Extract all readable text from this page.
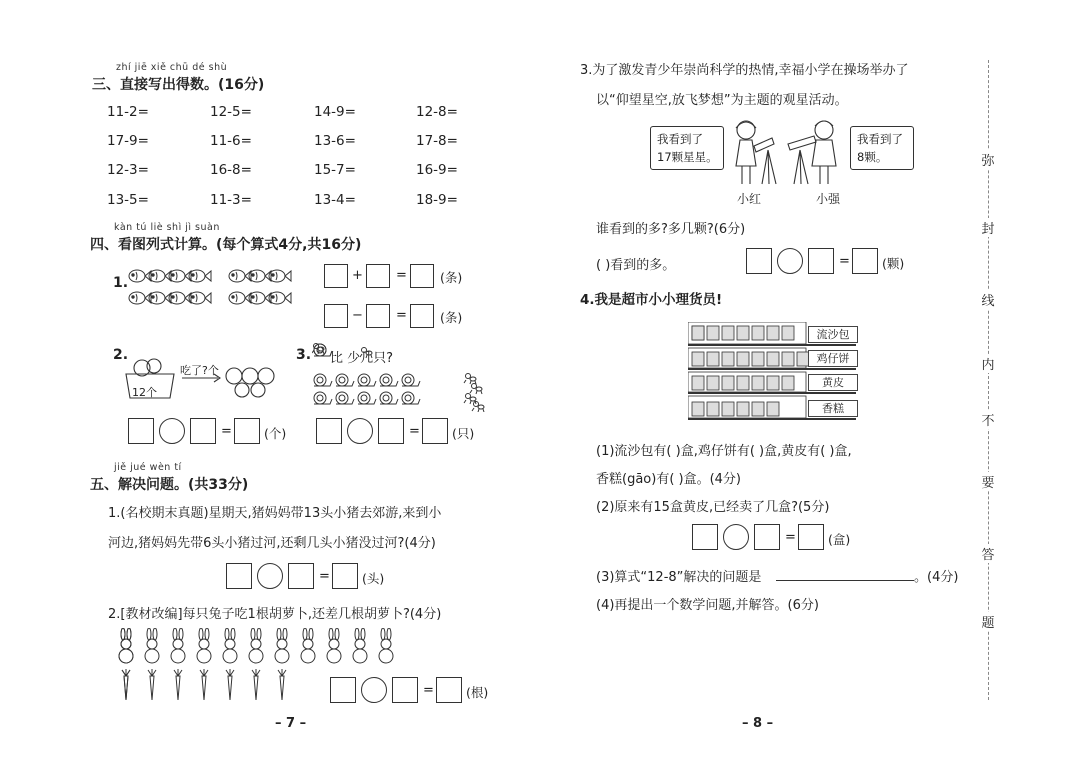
zhí jiē xiě chū dé shù
三、直接写出得数。(16分)
11-2=	12-5=	14-9=	12-8=
17-9=	11-6=	13-6=	17-8=
12-3=	16-8=	15-7=	16-9=
13-5=	11-3=	13-4=	18-9=
kàn tú liè shì jì suàn
四、看图列式计算。(每个算式4分,共16分)
1.	+	=	(条)
−	=	(条)
2.
12个
吃了?个
=	(个)
3. 比 少几只?
=	(只)
jiě jué wèn tí
五、解决问题。(共33分)
1.(名校期末真题)星期天,猪妈妈带13头小猪去郊游,来到小
河边,猪妈妈先带6头小猪过河,还剩几头小猪没过河?(4分)
=	(头)
2.[教材改编]每只兔子吃1根胡萝卜,还差几根胡萝卜?(4分)
=	(根)
– 7 –
3.为了激发青少年崇尚科学的热情,幸福小学在操场举办了
以“仰望星空,放飞梦想”为主题的观星活动。
我看到了
17颗星星。
我看到了
8颗。
小红	小强
谁看到的多?多几颗?(6分)
( )看到的多。	=	(颗)
4.我是超市小小理货员!
流沙包
鸡仔饼
黄皮
香糕
(1)流沙包有( )盒,鸡仔饼有( )盒,黄皮有( )盒,
香糕(gāo)有( )盒。(4分)
(2)原来有15盒黄皮,已经卖了几盒?(5分)
=	(盒)
(3)算式“12-8”解决的问题是	。(4分)
(4)再提出一个数学问题,并解答。(6分)
– 8 –
弥
封
线
内
不
要
答
题
